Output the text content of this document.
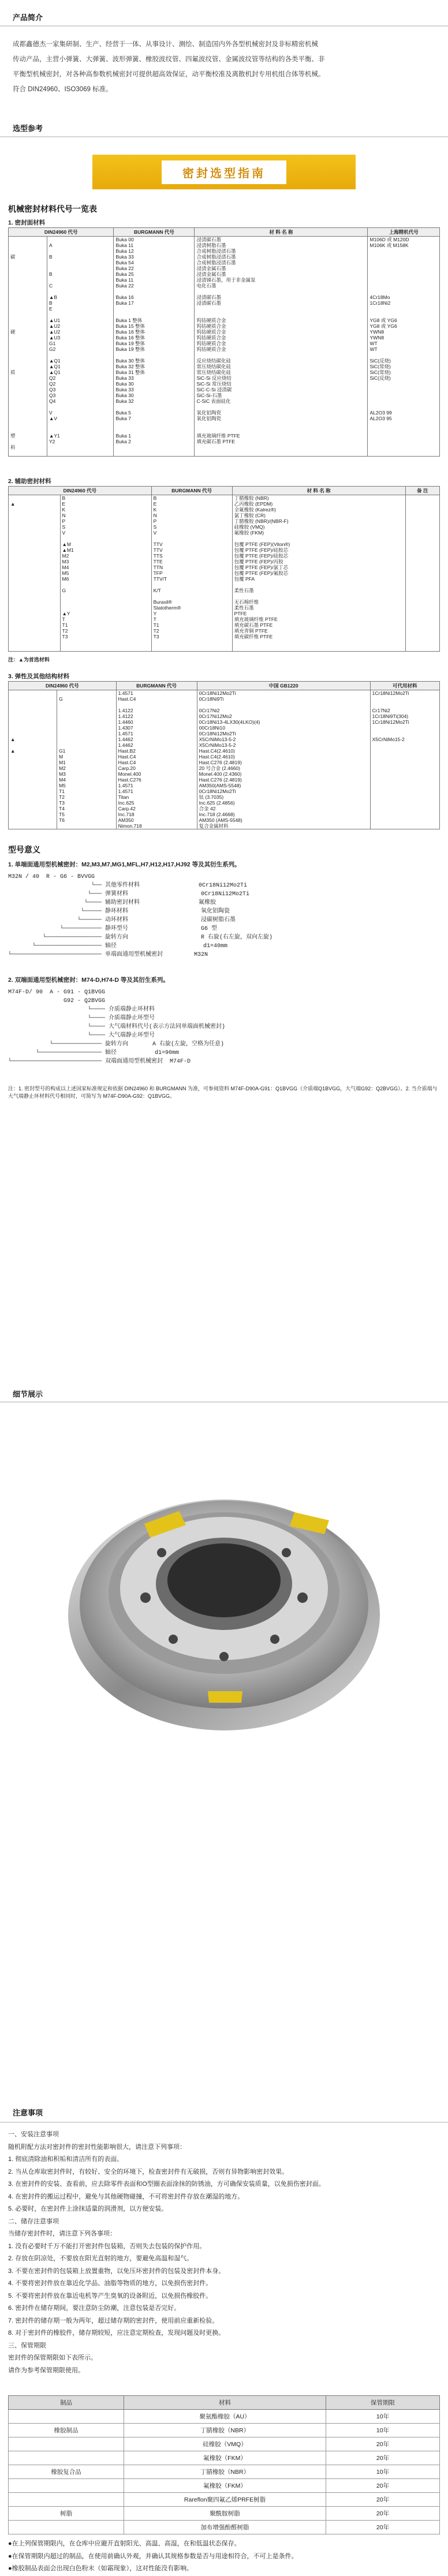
产品简介
成都鑫德杰一家集研制、生产、经营于一体、从事设计、测绘、制造国内外各型机械密封及非标精密机械
传动产品，主营小弹簧、大弹簧、波形弹簧、橡胶波纹管、四氟波纹管、金属波纹管等结构的各类平衡、非
平衡型机械密封，对各种高参数机械密封可提供超高效保证，动平衡校准及离散机封专用机组合体等机械。
符合 DIN24960、ISO3069 标准。
选型参考
密封选型指南
机械密封材料代号一览表
1. 密封面材料
DIN24960 代号		BURGMANN 代号	材 料 名 称	上海精机代号
		Buka 00	浸渍碳石墨	M106D 或 M120D
	A	Buka 11	浸渍树脂石墨	M106K 或 M158K
		Buka 12	合成树脂浸渍石墨	
碳	B	Buka 33	合成树脂浸渍石墨	
		Buka 54	合成树脂浸渍石墨	
		Buka 22	浸渍金属石墨	
	B	Buka 25	浸渍金属石墨	
		Buka 11	浸渍锑石墨，用于非金属泵	
	C	Buka 22	电化石墨	

	▲B	Buka 16	浸渍碳石墨	4Cr18Mo
	B	Buka 17	浸渍碳石墨	1Cr18Ni2
	E			

	▲U1	Buka 1 整体	钨钴硬质合金	YG8 或 YG6
	▲U2	Buka 15 整体	钨钴硬质合金	YG8 或 YG6
硬	▲U2	Buka 16 整体	钨钴硬质合金	YWN8
	▲U3	Buka 16 整体	钨钴硬质合金	YWN8
	G1	Buka 19 整体	钨钴硬质合金	WT
	G2	Buka 19 整体	钨钴硬质合金	WT

	▲Q1	Buka 30 整体	反应烧结碳化硅	SiC(反烧)
	▲Q1	Buka 32 整体	常压烧结碳化硅	SiC(常烧)
质	▲Q1	Buka 31 整体	常压烧结碳化硅	SiC(常烧)
	Q2	Buka 33	SiC-Si 反应烧结	SiC(反烧)
	Q2	Buka 30	SiC-Si 常压烧结	
	Q3	Buka 33	SiC-C-Si 浸渍碳	
	Q3	Buka 30	SiC-Si-石墨	
	Q4	Buka 32	C-SiC 表面硅化	

	V	Buka 5	氧化铝陶瓷	AL2O3 99
	▲V	Buka 7	氧化铝陶瓷	AL2O3 95

塑	▲Y1	Buka 1	填充玻璃纤维 PTFE	
	Y2	Buka 2	填充碳石墨 PTFE	
料				

2. 辅助密封材料
DIN24960 代号		BURGMANN 代号	材 料 名 称	备 注
	B	B	丁腈橡胶 (NBR)	
▲	E	E	乙丙橡胶 (EPDM)	
	K	K	全氟橡胶 (Kalrez®)	
	N	N	氯丁橡胶 (CR)	
	P	P	丁腈橡胶 (NBR)/(NBR-F)	
	S	S	硅橡胶 (VMQ)	
	V	V	氟橡胶 (FKM)	

	▲M	TTV	包覆 PTFE (FEP)(Viton®)	
	▲M1	TTV	包覆 PTFE (FEP)/硅胶芯	
	M2	TTS	包覆 PTFE (FEP)/硅胶芯	
	M3	TTE	包覆 PTFE (FEP)/丙胶	
	M4	TTN	包覆 PTFE (FEP)/氯丁芯	
	M5	TFP	包覆 PTFE (FEP)/氟胶芯	
	M6	TTV/T	包覆 PFA	

	G	K/T	柔性石墨	

		Buraxil®	无石棉纤维	
		Statotherm®	柔性石墨	
	▲Y	Y	PTFE	
	T	T	填充玻璃纤维 PTFE	
	T1	T1	填充碳石墨 PTFE	
	T2	T2	填充青铜 PTFE	
	T3	T3	填充碳纤维 PTFE	

注：▲为首选材料
3. 弹性及其他结构材料
DIN24960 代号		BURGMANN 代号	中国 GB1220	可代用材料
		1.4571	0Cr18Ni12Mo2Ti	1Cr18Ni12Mo2Ti
	G	Hast.C4	0Cr18Ni9Ti	

		1.4122	0Cr17Ni2	Cr17Ni2
		1.4122	0Cr17Ni12Mo2	1Cr18Ni9Ti(304)
		1.4460	0Cr18Ni13-4LX30(4LKO)(4)	1Cr18Ni12Mo2Ti
		1.4307	00Cr18Ni10	
		1.4571	0Cr18Ni12Mo2Ti	
▲		1.4462	X5CrNiMo13-5-2	X5CrNiMo15-2
		1.4462	X5CrNiMo13-5-2	
▲	G1	Hast.B2	Hast.C4(2.4610)	
	M	Hast.C4	Hast.C4(2.4610)	
	M1	Hast.C4	Hast.C276 (2.4819)	
	M2	Carp.20	20 号合金 (2.4660)	
	M3	Monel.400	Monel.400 (2.4360)	
	M4	Hast.C276	Hast.C276 (2.4819)	
	M5	1.4571	AM350(AMS-5548)	
	T1	1.4571	0Cr18Ni12Mo2Ti	
	T2	Titan	钛 (3.7035)	
	T3	Inc.625	Inc.625 (2.4856)	
	T4	Carp.42	合金 42	
	T5	Inc.718	Inc.718 (2.4668)	
	T6	AM350	AM350 (AMS-5548)	
		Nimon.718	复合金属材料	
型号意义
1. 单端面通用型机械密封：M2,M3,M7,MG1,MFL,H7,H12,H17,HJ92 等及其衍生系列。
M32N / 40  R - G6 - BVVGG
└── 其他零件材料                 0Cr18Ni12Mo2Ti
└─── 弹簧材料                     0Cr18Ni12Mo2Ti
└──── 辅助密封材料                 氟橡胶
└───── 静环材料                     氧化铝陶瓷
└────── 动环材料                     浸碳树脂石墨
└─────────── 静环型号                     G6 型
└──────────────── 旋转方向                     R 右旋(右左旋，双向左旋)
└─────────────────── 轴径                         d1=40mm
└────────────────────────── 单端面通用型机械密封         M32N
2. 双端面通用型机械密封：M74-D,H74-D 等及其衍生系列。
M74F-D/ 90  A - G91 - Q1BVGG
G92 - Q2BVGG
└──── 介质端静止环材料
└──── 介质端静止环型号
└──── 大气端材料代号(表示方法同单端面机械密封)
└──── 大气端静止环型号
└────────────── 旋转方向       A 右旋(左旋，空格为任意)
└────────────────── 轴径           d1=90mm
└────────────────────────── 双端面通用型机械密封  M74F-D
注：1. 密封型号的构成以上述国家标准规定和依据 DIN24960 和 BURGMANN 为准，可参阅资料 M74F-D90A-G91：Q1BVGG（介质端Q1BVGG，大气端G92：Q2BVGG）。2. 当介质端与大气端静止环材料代号相同时，可简写为 M74F-D90A-G92：Q1BVGG。
细节展示
注意事项
一、安装注意事项
随机附配方法对密封件的密封性能影响很大，请注意下列事项：
1. 彻底清除油和积垢和清洁所有的表面。
2. 当从仓库取密封件时，有较好、安全的环境下，检查密封件有无破损，否则有异物影响密封效果。
3. 在密封件的安装、查看前，应去除零件表面和O型圈表面涂抹的防锈油，方可确保安装质量，以免损伤密封面。
4. 在密封件的搬运过程中，避免与其他硬物碰撞，不可将密封件存放在潮湿的地方。
5. 必要时，在密封件上涂抹适量的润滑剂，以方便安装。
二、储存注意事项
当储存密封件时，请注意下列各事项：
1. 没有必要时千万不能打开密封件包装箱，否则失去包装的保护作用。
2. 存放在阴凉处，不要放在阳光直射的地方，要避免高温和湿气。
3. 不要在密封件的包装箱上放置重物，以免压坏密封件的包装及密封件本身。
4. 不要将密封件放在靠近化学品、油脂等物质的地方，以免损伤密封件。
5. 不要将密封件放在靠近电机等产生臭氧的设备附近，以免损伤橡胶件。
6. 密封件在储存期间，要注意防尘防潮，注意包装是否完好。
7. 密封件的储存期一般为两年，超过储存期的密封件，使用前应重新检验。
8. 对于密封件的橡胶件，储存期较短，应注意定期检查，发现问题及时更换。
三、保管期限
密封件的保管期限如下表所示。
请作为参考保管期限使用。
制品	材料	保管期限
	聚氨酯橡胶（AU）	10年
橡胶制品	丁腈橡胶（NBR）	10年
	硅橡胶（VMQ）	20年
	氟橡胶（FKM）	20年
橡胶复合品	丁腈橡胶（NBR）	10年
	氟橡胶（FKM）	20年
	Rareflon聚四氟乙烯PRFE树脂	20年
树脂	聚酰胺树脂	20年
	加布增强酚醛树脂	20年
●在上列保管期限内，在仓库中应避开直射阳光、高温、高湿，在和低温状态保存。
●在保管期限内超过的制品，在使用前确认外观，并确认其规格参数是否与用途相符合，不可上是条件。
●橡胶制品表面会出现白色粉末（如霜现象），这对性能没有影响。
